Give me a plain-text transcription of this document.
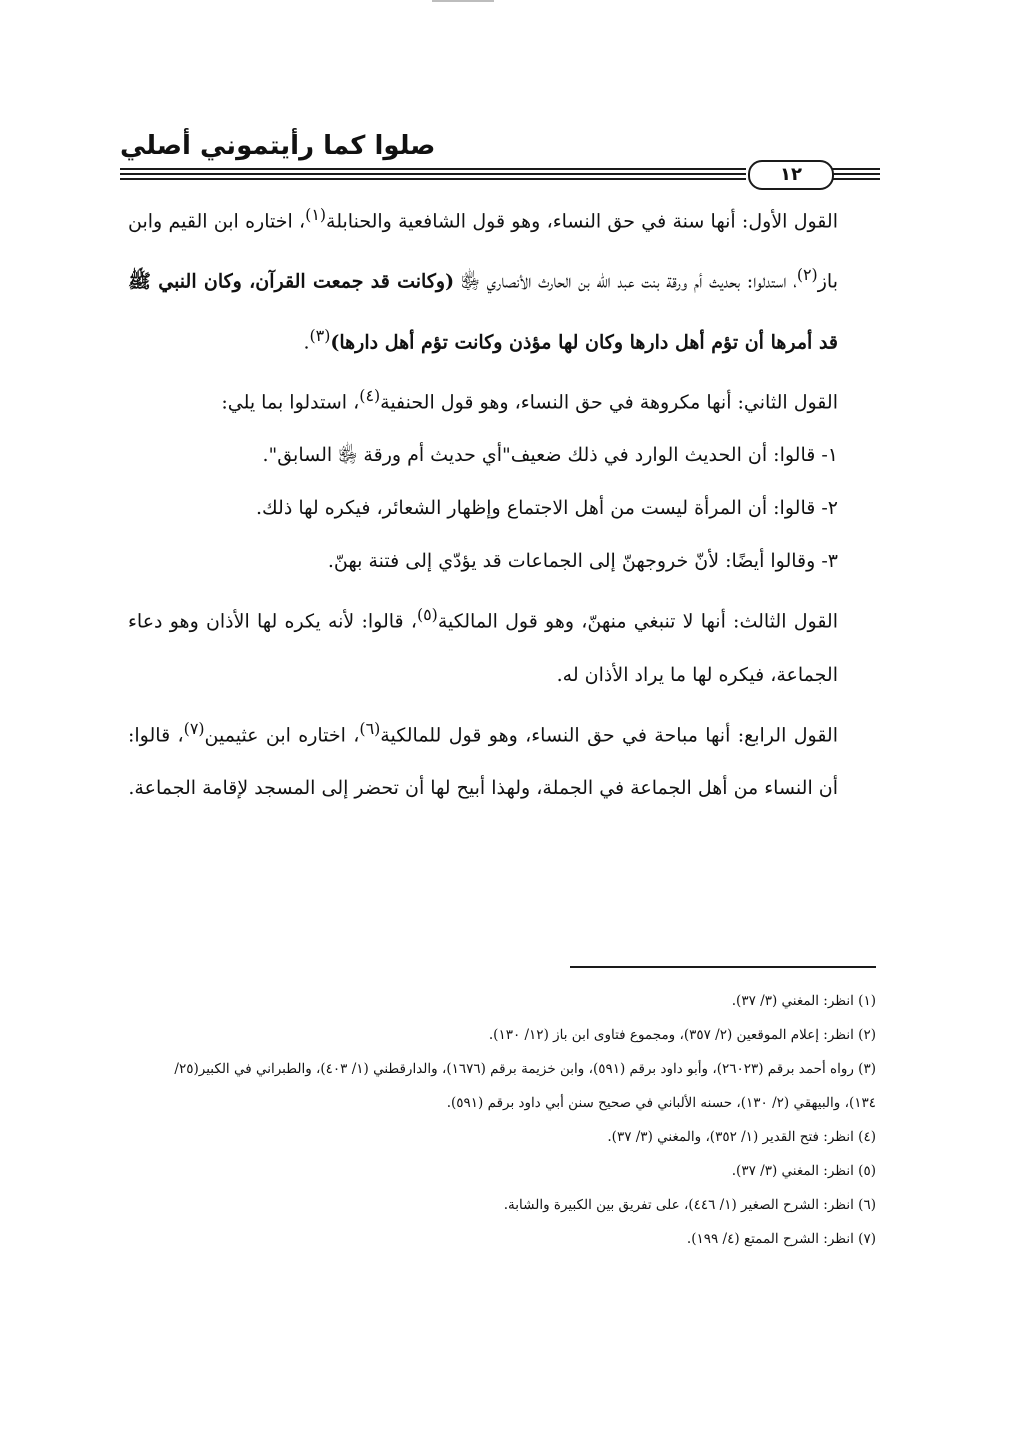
صلوا كما رأيتموني أصلي
١٢

القول الأول: أنها سنة في حق النساء، وهو قول الشافعية والحنابلة$^{(١)}$، اختاره ابن القيم وابن باز$^{(٢)}$، استدلوا: بحديث أم ورقة بنت عبد الله بن الحارث الأنصاري ﵂ (وكانت قد جمعت القرآن، وكان النبي ﷺ قد أمرها أن تؤم أهل دارها وكان لها مؤذن وكانت تؤم أهل دارها)$^{(٣)}$.

القول الثاني: أنها مكروهة في حق النساء، وهو قول الحنفية$^{(٤)}$، استدلوا بما يلي:

١- قالوا: أن الحديث الوارد في ذلك ضعيف"أي حديث أم ورقة ﵂ السابق".

٢- قالوا: أن المرأة ليست من أهل الاجتماع وإظهار الشعائر، فيكره لها ذلك.

٣- وقالوا أيضًا: لأنّ خروجهنّ إلى الجماعات قد يؤدّي إلى فتنة بهنّ.

القول الثالث: أنها لا تنبغي منهنّ، وهو قول المالكية$^{(٥)}$، قالوا: لأنه يكره لها الأذان وهو دعاء الجماعة، فيكره لها ما يراد الأذان له.

القول الرابع: أنها مباحة في حق النساء، وهو قول للمالكية$^{(٦)}$، اختاره ابن عثيمين$^{(٧)}$، قالوا: أن النساء من أهل الجماعة في الجملة، ولهذا أبيح لها أن تحضر إلى المسجد لإقامة الجماعة.

(١) انظر: المغني (٣/ ٣٧).

(٢) انظر: إعلام الموقعين (٢/ ٣٥٧)، ومجموع فتاوى ابن باز (١٢/ ١٣٠).

(٣) رواه أحمد برقم (٢٦٠٢٣)، وأبو داود برقم (٥٩١)، وابن خزيمة برقم (١٦٧٦)، والدارقطني (١/ ٤٠٣)، والطبراني في الكبير(٢٥/ ١٣٤)، والبيهقي (٢/ ١٣٠)، حسنه الألباني في صحيح سنن أبي داود برقم (٥٩١).

(٤) انظر: فتح القدير (١/ ٣٥٢)، والمغني (٣/ ٣٧).

(٥) انظر: المغني (٣/ ٣٧).

(٦) انظر: الشرح الصغير (١/ ٤٤٦)، على تفريق بين الكبيرة والشابة.

(٧) انظر: الشرح الممتع (٤/ ١٩٩).
